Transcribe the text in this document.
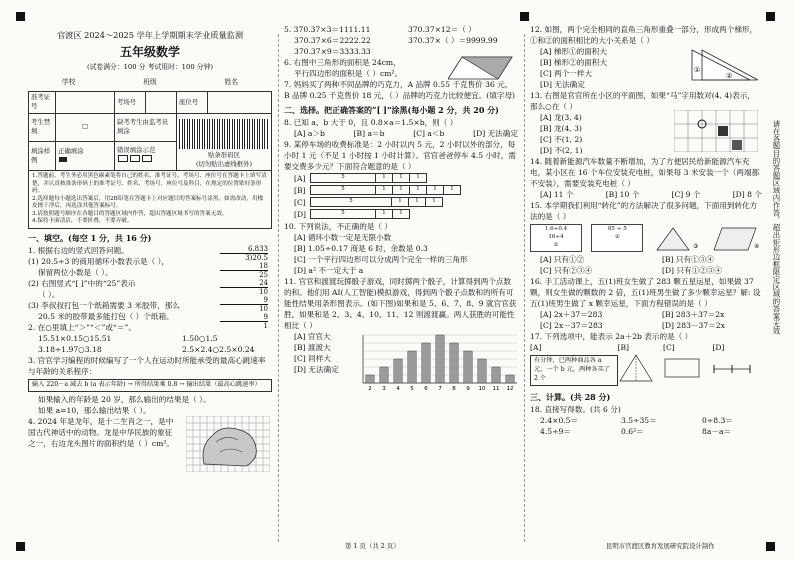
官渡区 2024～2025 学年上学期期末学业质量监测
五年级数学
(试卷满分：100 分 考试用时：100 分钟)
学校	班级	姓名
准考证号		考场号		座位号	
考生禁填	□	缺考考生由监考员填涂		贴条形码区
(切勿贴出虚线框外)	

填涂样例	正确填涂	错误填涂示范			
1.答题前，考生务必用黑色碳素笔将自己的姓名、准考证号、考场号、座位号在答题卡上填写清楚，并认真核准条形码上的准考证号、姓名、考场号、座位号及科目，在规定的位置贴好条形码。
2.选择题每小题选出答案后，用2B铅笔在答题卡上对应题目的答案标号涂黑，如需改动，用橡皮擦干净后，再选涂其他答案标号。
3.请按照题号顺序在各题目的答题区域内作答，超出答题区域书写的答案无效。
4.保持卡面清洁，不要折叠，不要弄破。
一、填空。(每空 1 分，共 16 分)
1. 根据右边的竖式回答问题。
(1) 20.5÷3 的商用循环小数表示是（ ），
保留两位小数是（ ）。
(2) 右图竖式“[ ]”中的“25”表示
（ ）。
(3) 李叔叔打包一个纸箱需要 3 米胶带，那么
20.5 米的胶带最多能打包（ ）个纸箱。
6.833
3)20.5
18
25
24
10
9
10
9
1
2. 在○里填上“＞”“＜”或“＝”。
15.51×0.15○15.51	1.50○1.5
3.18÷1.97○3.18	2.5×2.4○2.5×0.24
3. 官官学习编程的时候编写了一个人在运动时所能承受的最高心跳速率与年龄的关系程序：
输入 220－a 减去 b (a 表示年龄) → 所得结果乘 0.8 → 输出结果（最高心跳速率）
如果输入的年龄是 20 岁，那么输出的结果是（ ）。
如果 a=10，那么输出结果（ ）。
4. 2024 年是龙年，是十二生肖之一，是中国古代神话中的动物。龙是中华民族的象征之一，右边龙头图片的面积约是（ ）cm²。
5. 370.37×3＝1111.11	370.37×12＝（ ）
370.37×6＝2222.22	370.37×（ ）＝9999.99
370.37×9＝3333.33
6. 右图中三角形的面积是 24cm，
平行四边形的面积是（ ）cm²。
7. 妈妈买了两种不同品牌的巧克力，A 品牌 0.55 千克售价 36 元，B 品牌 0.25 千克售价 18 元，（ ）品牌的巧克力比较便宜。(填字母)
二、选择。把正确答案的“[ ]”涂黑(每小题 2 分，共 20 分)
8. 已知 a、b 大于 0，且 0.8×a＝1.5×b，则（ ）
[A] a＞b	[B] a＝b	[C] a＜b	[D] 无法确定
9. 某停车场的收费标准是：2 小时以内 5 元，2 小时以外的部分，每小时 1 元（不足 1 小时按 1 小时计算）。官官爸爸停车 4.5 小时，需要交费多少元？下面符合题意的是（ ）
[A]	5	1	1	1
[B]	5	1	1	1	1	1
[C]	5	1	1	1
[D]	5	1	1
10. 下列说法，不正确的是（ ）
[A] 循环小数一定是无限小数
[B] 1.05÷0.17 商是 6 时，余数是 0.3
[C] 一个平行四边形可以分成两个完全一样的三角形
[D] a² 不一定大于 a
11. 官官和渡渡玩掷骰子游戏，同时掷两个骰子，计算得到两个点数的和。他们用 AI(人工智能)模拟游戏，得到两个骰子点数和的所有可能性结果用条形图表示。(如下图)如果和是 5、6、7、8、9 就官官获胜，如果和是 2、3、4、10、11、12 则渡渡赢。两人获胜的可能性相比（ ）
[A] 官官大
[B] 渡渡大
[C] 同样大
[D] 无法确定
2 3 4 5 6 7 8 9 10 11 12
12. 如图，两个完全相同的直角三角形重叠一部分，形成两个梯形，①和②的面积相比的大小关系是（ ）
[A] 梯形①的面积大
[B] 梯形②的面积大
[C] 两个一样大
[D] 无法确定
①
②
13. 右图是官官所在小区的平面图，如果“马”字用数对(4, 4)表示，那么○在（ ）
[A] 龙(3, 4)
[B] 龙(4, 3)
[C] 不(1, 2)
[D] 不(2, 1)
14. 随着新能源汽车数量不断增加，为了方便居民给新能源汽车充电，某小区在 16 个车位安装充电桩，如果每 3 米安装一个（两端都不安装），需要安装充电桩（ ）
[A] 11 个	[B] 10 个	[C] 9 个	[D] 8 个
15. 本学期我们利用“转化”的方法解决了很多问题，下面用到转化方法的是（ ）
1.6÷0.4
16÷4
①
85 ÷ 5
②
③	④
[A] 只有①②	[B] 只有①③④
[C] 只有②③④	[D] 只有①②③④
16. 手工活动课上，五(1)班女生做了 283 颗五星运星，如果做 37 颗，则女生做的颗数的 2 倍，五(1)班男生做了多少颗幸运星？解: 设五(1)班男生做了 x 颗幸运星，下面方程错误的是（ ）
[A] 2x＋37＝283	[B] 283＋37＝2x
[C] 2x－37＝283	[D] 283－37＝2x
17. 下列选项中，能表示 2a＋2b 表示的是（ ）
[A]
有分钟，已两种商品各 a 元，一个 b 元，两种各买了 2 个
[B]	[C]	[D]
三、计算。(共 28 分)
18. 直接写得数。(共 6 分)
2.4×0.5＝	3.5÷35＝	0÷8.3＝
4.5÷9＝	0.6²＝	8a－a＝
第 1 页（共 2 页）	昆明市官渡区教育发展研究院设计制作
请在各题目的答题区域内作答，超出矩形边框限定区域的答案无效
